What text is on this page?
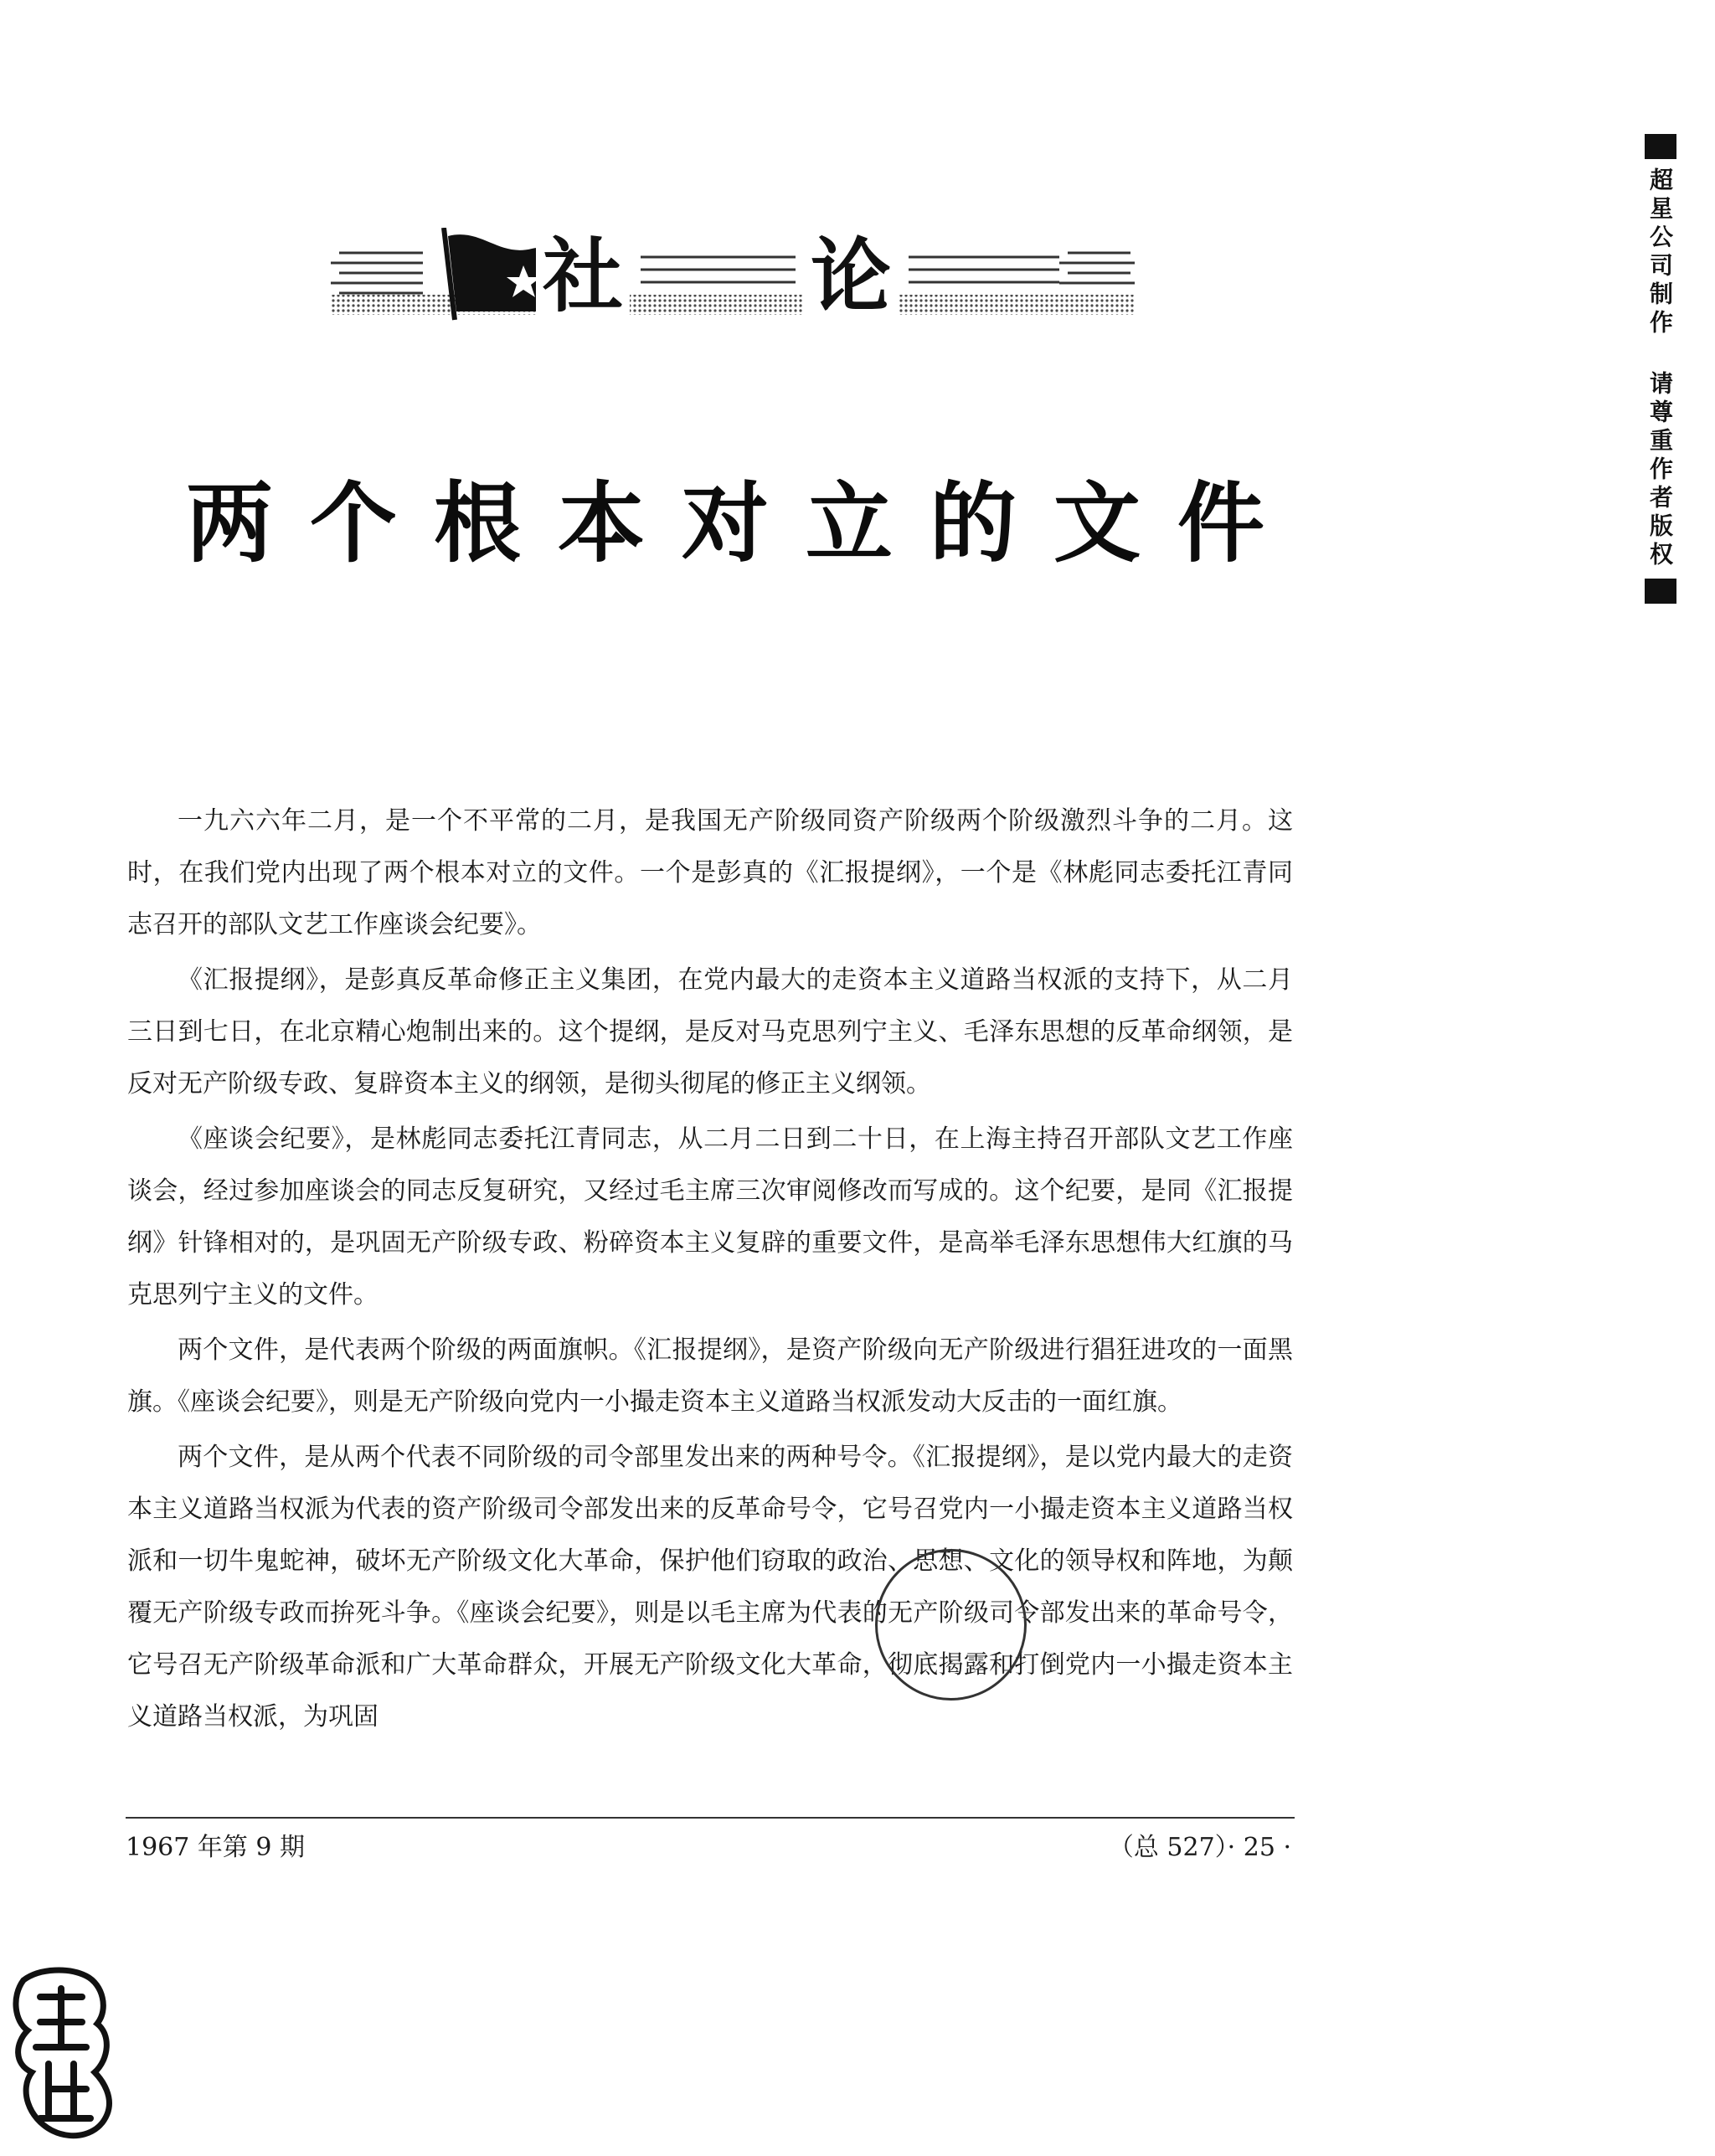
社 论
两个根本对立的文件

一九六六年二月，是一个不平常的二月，是我国无产阶级同资产阶级两个阶级激烈斗争的二月。这时，在我们党内出现了两个根本对立的文件。一个是彭真的《汇报提纲》，一个是《林彪同志委托江青同志召开的部队文艺工作座谈会纪要》。

《汇报提纲》，是彭真反革命修正主义集团，在党内最大的走资本主义道路当权派的支持下，从二月三日到七日，在北京精心炮制出来的。这个提纲，是反对马克思列宁主义、毛泽东思想的反革命纲领，是反对无产阶级专政、复辟资本主义的纲领，是彻头彻尾的修正主义纲领。

《座谈会纪要》，是林彪同志委托江青同志，从二月二日到二十日，在上海主持召开部队文艺工作座谈会，经过参加座谈会的同志反复研究，又经过毛主席三次审阅修改而写成的。这个纪要，是同《汇报提纲》针锋相对的，是巩固无产阶级专政、粉碎资本主义复辟的重要文件，是高举毛泽东思想伟大红旗的马克思列宁主义的文件。

两个文件，是代表两个阶级的两面旗帜。《汇报提纲》，是资产阶级向无产阶级进行猖狂进攻的一面黑旗。《座谈会纪要》，则是无产阶级向党内一小撮走资本主义道路当权派发动大反击的一面红旗。

两个文件，是从两个代表不同阶级的司令部里发出来的两种号令。《汇报提纲》，是以党内最大的走资本主义道路当权派为代表的资产阶级司令部发出来的反革命号令，它号召党内一小撮走资本主义道路当权派和一切牛鬼蛇神，破坏无产阶级文化大革命，保护他们窃取的政治、思想、文化的领导权和阵地，为颠覆无产阶级专政而拚死斗争。《座谈会纪要》，则是以毛主席为代表的无产阶级司令部发出来的革命号令，它号召无产阶级革命派和广大革命群众，开展无产阶级文化大革命，彻底揭露和打倒党内一小撮走资本主义道路当权派，为巩固

1967 年第 9 期	（总 527）· 25 ·
超星公司制作 请尊重作者版权
